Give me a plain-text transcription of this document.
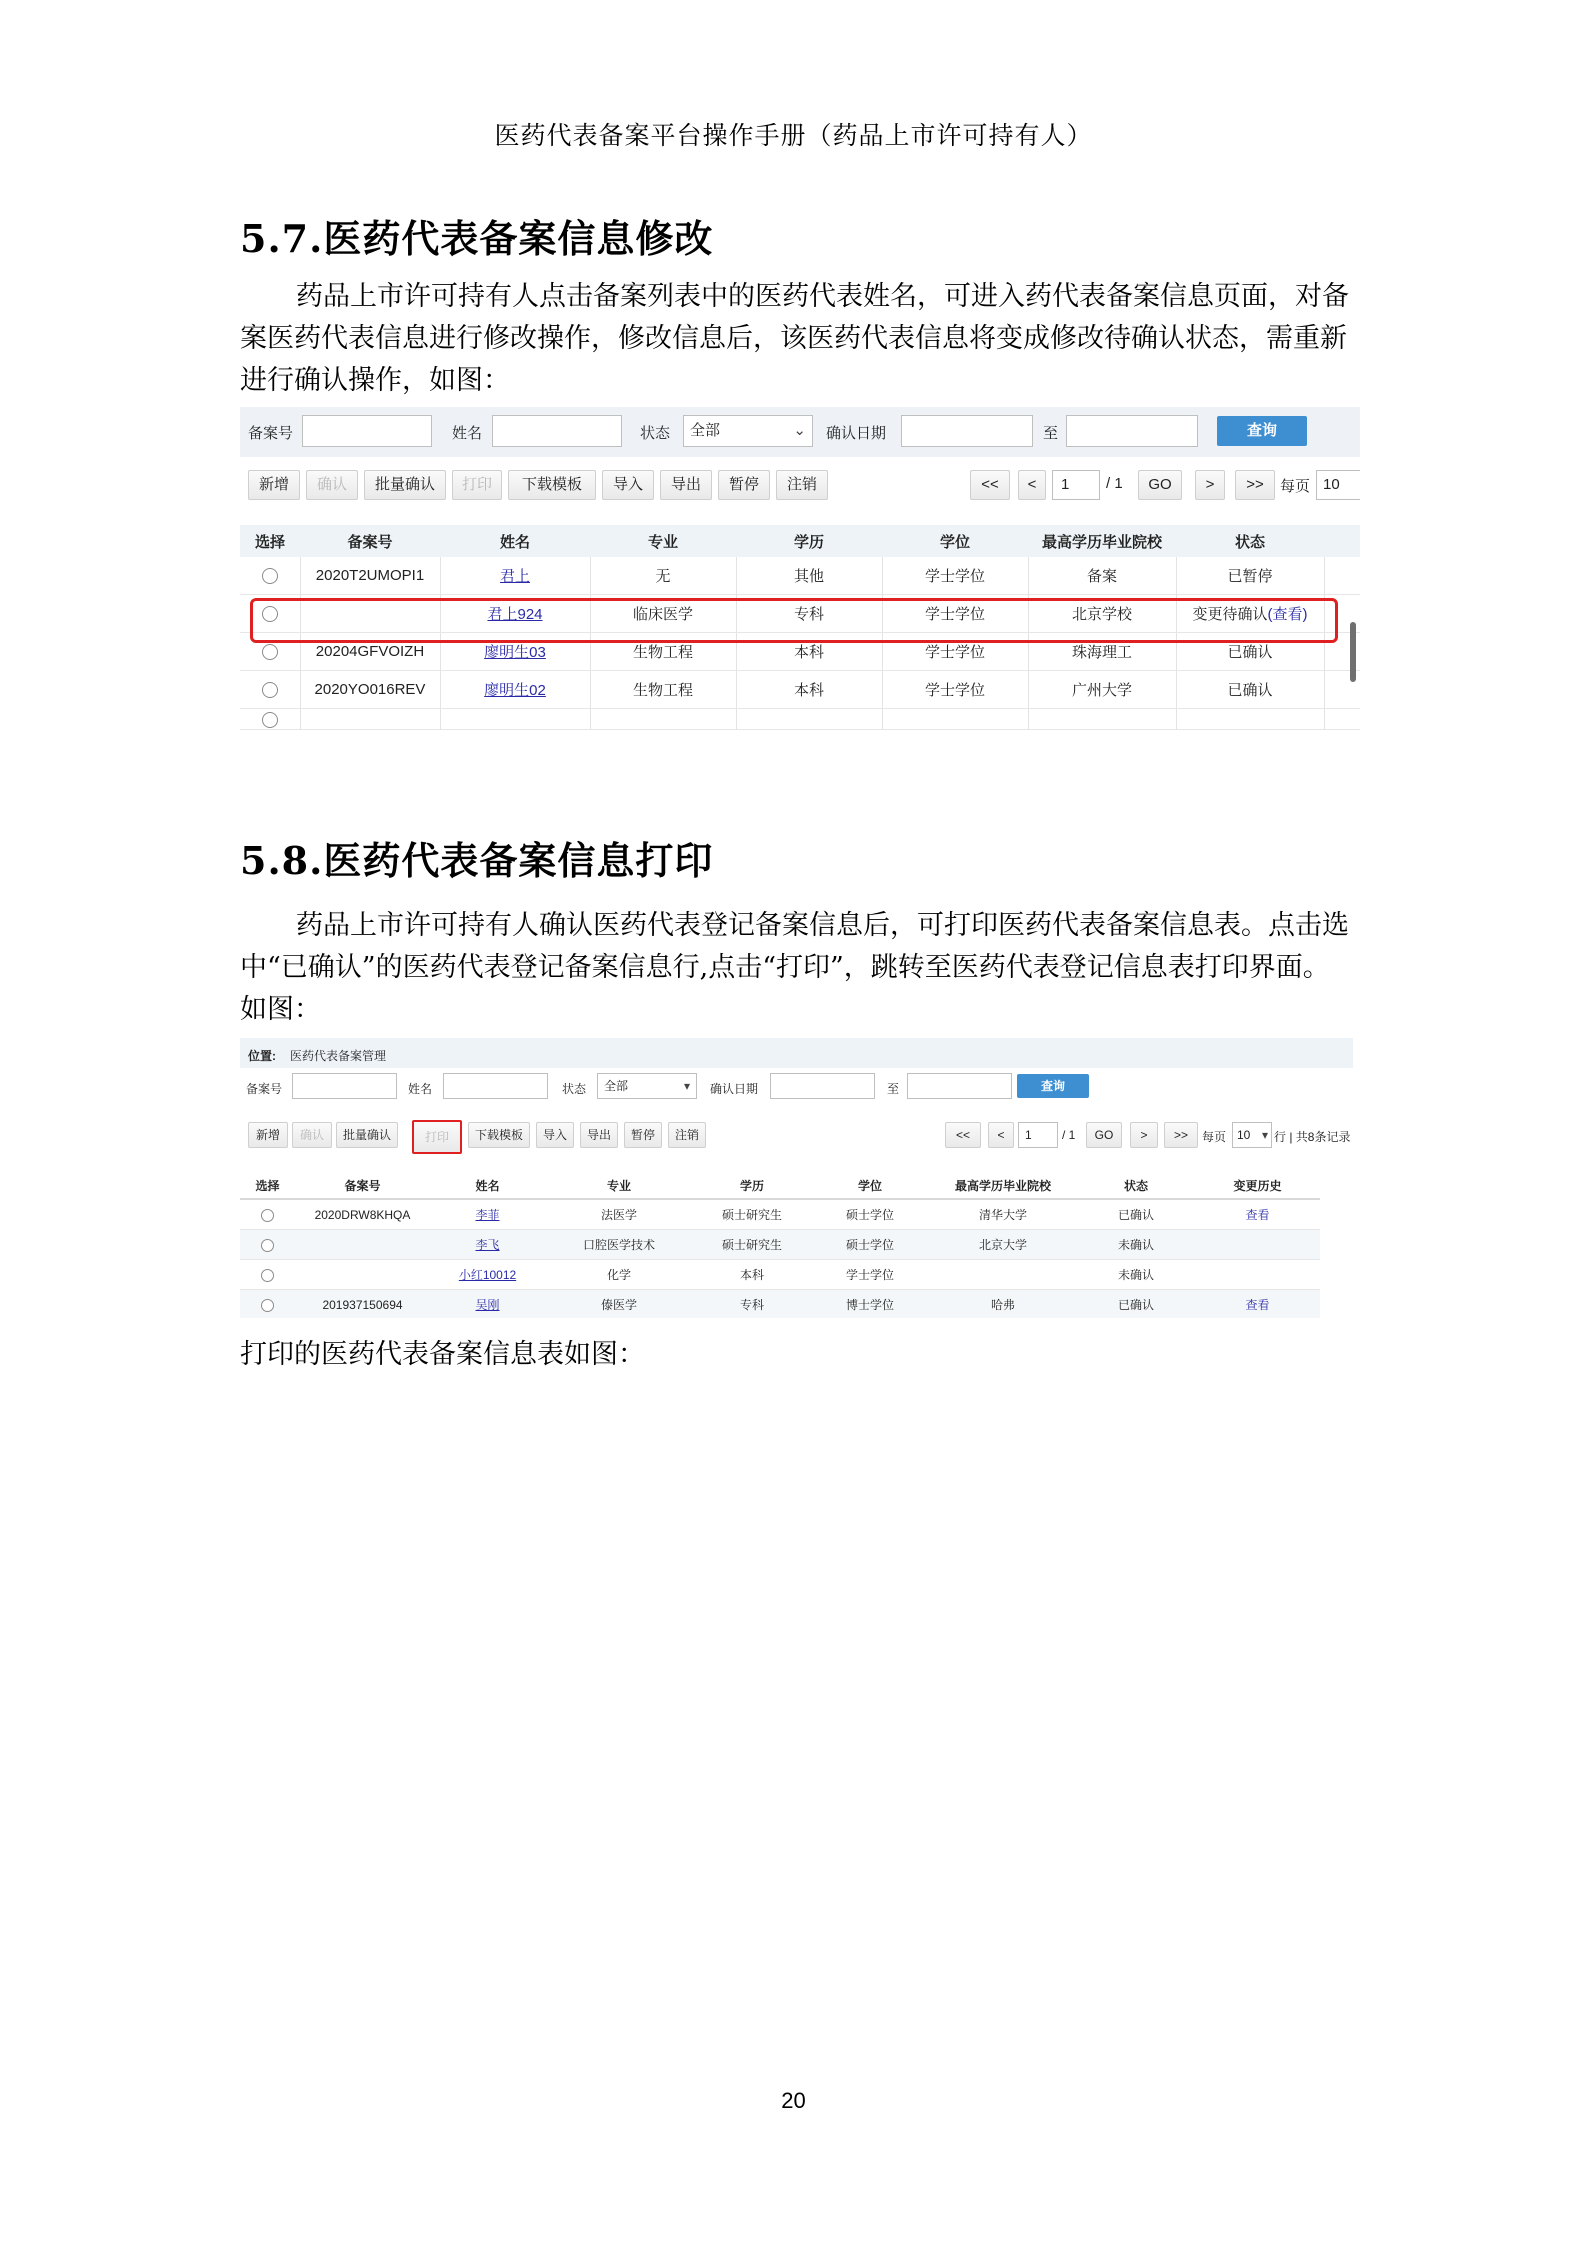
医药代表备案平台操作手册（药品上市许可持有人）
5.7.医药代表备案信息修改

药品上市许可持有人点击备案列表中的医药代表姓名，可进入药代表备案信息页面，对备案医药代表信息进行修改操作，修改信息后，该医药代表信息将变成修改待确认状态，需重新进行确认操作，如图：

备案号	姓名	状态	全部	⌄ 确认日期	至	查询
新增	确认	批量确认	打印	下载模板	导入	导出	暂停	注销	<<	<	1	/ 1	GO	>	>>	每页 10
选择	备案号	姓名	专业	学历	学位	最高学历毕业院校	状态	
	2020T2UMOPI1	君上	无	其他	学士学位	备案	已暂停	
		君上924	临床医学	专科	学士学位	北京学校	变更待确认(查看)	
	20204GFVOIZH	廖明生03	生物工程	本科	学士学位	珠海理工	已确认	
	2020YO016REV	廖明生02	生物工程	本科	学士学位	广州大学	已确认	

5.8.医药代表备案信息打印

药品上市许可持有人确认医药代表登记备案信息后，可打印医药代表备案信息表。点击选中“已确认”的医药代表登记备案信息行,点击“打印”，跳转至医药代表登记信息表打印界面。如图：

位置: 医药代表备案管理
备案号	姓名	状态	全部	▾ 确认日期	至	查询
新增	确认	批量确认	打印	下载模板	导入	导出	暂停	注销	<<	<	1	/ 1	GO	>	>>	每页 10 ▾ 行 | 共8条记录
选择	备案号	姓名	专业	学历	学位	最高学历毕业院校	状态	变更历史
	2020DRW8KHQA	李菲	法医学	硕士研究生	硕士学位	清华大学	已确认	查看
		李飞	口腔医学技术	硕士研究生	硕士学位	北京大学	未确认	
		小红10012	化学	本科	学士学位		未确认	
	201937150694	吴刚	傣医学	专科	博士学位	哈弗	已确认	查看
打印的医药代表备案信息表如图：
20
